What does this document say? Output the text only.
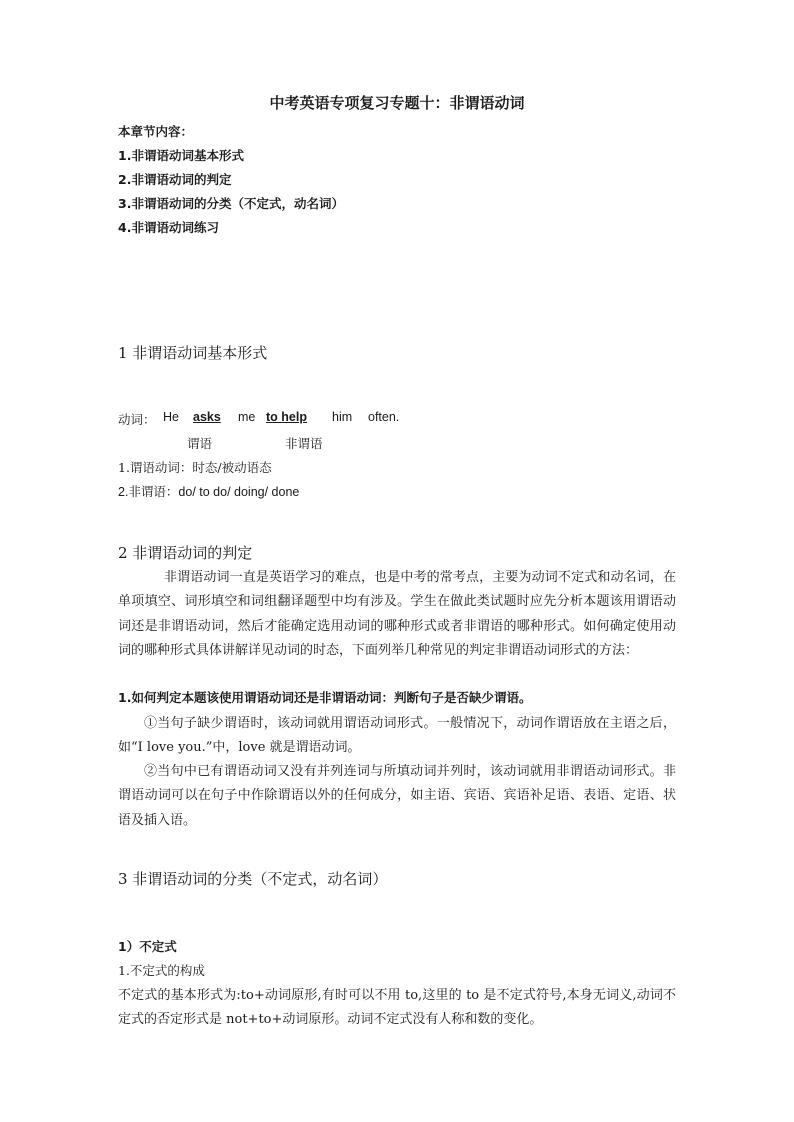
中考英语专项复习专题十：非谓语动词
本章节内容：
1.非谓语动词基本形式
2.非谓语动词的判定
3.非谓语动词的分类（不定式，动名词）
4.非谓语动词练习
1 非谓语动词基本形式
动词： He asks me to help him often.
谓语	非谓语
1.谓语动词：时态/被动语态
2.非谓语：do/ to do/ doing/ done
2 非谓语动词的判定
非谓语动词一直是英语学习的难点，也是中考的常考点，主要为动词不定式和动名词，在单项填空、词形填空和词组翻译题型中均有涉及。学生在做此类试题时应先分析本题该用谓语动词还是非谓语动词，然后才能确定选用动词的哪种形式或者非谓语的哪种形式。如何确定使用动词的哪种形式具体讲解详见动词的时态，下面列举几种常见的判定非谓语动词形式的方法：
1.如何判定本题该使用谓语动词还是非谓语动词：判断句子是否缺少谓语。
①当句子缺少谓语时，该动词就用谓语动词形式。一般情况下，动词作谓语放在主语之后，如“I love you.”中，love 就是谓语动词。
②当句中已有谓语动词又没有并列连词与所填动词并列时，该动词就用非谓语动词形式。非谓语动词可以在句子中作除谓语以外的任何成分，如主语、宾语、宾语补足语、表语、定语、状语及插入语。
3 非谓语动词的分类（不定式，动名词）
1）不定式
1.不定式的构成
不定式的基本形式为:to+动词原形,有时可以不用 to,这里的 to 是不定式符号,本身无词义,动词不定式的否定形式是 not+to+动词原形。动词不定式没有人称和数的变化。
